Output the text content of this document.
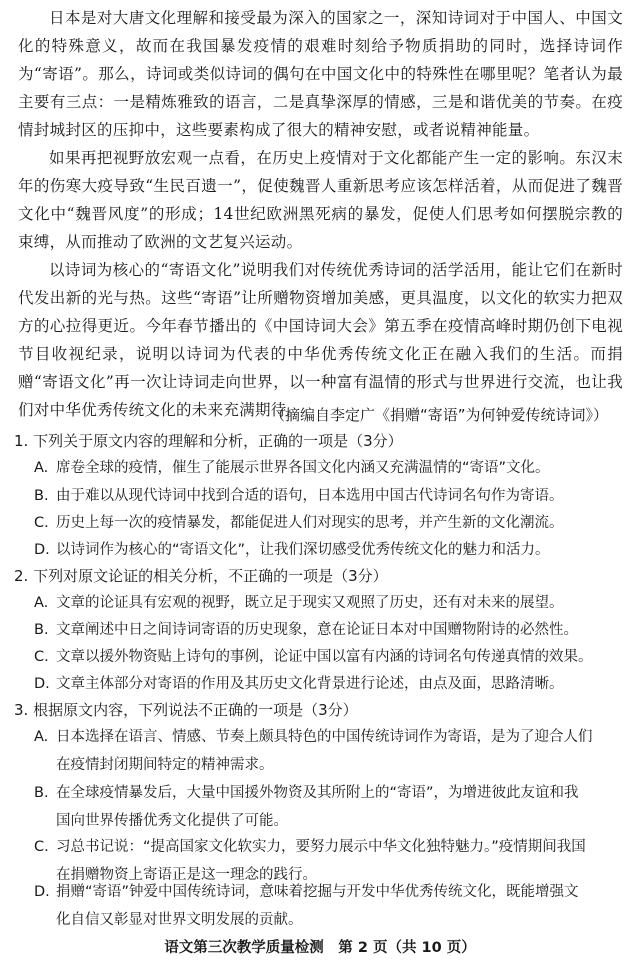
日本是对大唐文化理解和接受最为深入的国家之一，深知诗词对于中国人、中国文化的特殊意义，故而在我国暴发疫情的艰难时刻给予物质捐助的同时，选择诗词作为“寄语”。那么，诗词或类似诗词的偶句在中国文化中的特殊性在哪里呢？笔者认为最主要有三点：一是精炼雅致的语言，二是真挚深厚的情感，三是和谐优美的节奏。在疫情封城封区的压抑中，这些要素构成了很大的精神安慰，或者说精神能量。

如果再把视野放宏观一点看，在历史上疫情对于文化都能产生一定的影响。东汉末年的伤寒大疫导致“生民百遗一”，促使魏晋人重新思考应该怎样活着，从而促进了魏晋文化中“魏晋风度”的形成；14世纪欧洲黑死病的暴发，促使人们思考如何摆脱宗教的束缚，从而推动了欧洲的文艺复兴运动。

以诗词为核心的“寄语文化”说明我们对传统优秀诗词的活学活用，能让它们在新时代发出新的光与热。这些“寄语”让所赠物资增加美感，更具温度，以文化的软实力把双方的心拉得更近。今年春节播出的《中国诗词大会》第五季在疫情高峰时期仍创下电视节目收视纪录，说明以诗词为代表的中华优秀传统文化正在融入我们的生活。而捐赠“寄语文化”再一次让诗词走向世界，以一种富有温情的形式与世界进行交流，也让我们对中华优秀传统文化的未来充满期待。

（摘编自李定广《捐赠“寄语”为何钟爱传统诗词》）
1. 下列关于原文内容的理解和分析，正确的一项是（3分）
A. 席卷全球的疫情，催生了能展示世界各国文化内涵又充满温情的“寄语”文化。
B. 由于难以从现代诗词中找到合适的语句，日本选用中国古代诗词名句作为寄语。
C. 历史上每一次的疫情暴发，都能促进人们对现实的思考，并产生新的文化潮流。
D. 以诗词作为核心的“寄语文化”，让我们深切感受优秀传统文化的魅力和活力。
2. 下列对原文论证的相关分析，不正确的一项是（3分）
A. 文章的论证具有宏观的视野，既立足于现实又观照了历史，还有对未来的展望。
B. 文章阐述中日之间诗词寄语的历史现象，意在论证日本对中国赠物附诗的必然性。
C. 文章以援外物资贴上诗句的事例，论证中国以富有内涵的诗词名句传递真情的效果。
D. 文章主体部分对寄语的作用及其历史文化背景进行论述，由点及面，思路清晰。
3. 根据原文内容，下列说法不正确的一项是（3分）
A. 日本选择在语言、情感、节奏上颇具特色的中国传统诗词作为寄语，是为了迎合人们
在疫情封闭期间特定的精神需求。
B. 在全球疫情暴发后，大量中国援外物资及其所附上的“寄语”，为增进彼此友谊和我
国向世界传播优秀文化提供了可能。
C. 习总书记说：“提高国家文化软实力，要努力展示中华文化独特魅力。”疫情期间我国
在捐赠物资上寄语正是这一理念的践行。
D. 捐赠“寄语”钟爱中国传统诗词，意味着挖掘与开发中华优秀传统文化，既能增强文
化自信又彰显对世界文明发展的贡献。
语文第三次教学质量检测　第 2 页（共 10 页）
